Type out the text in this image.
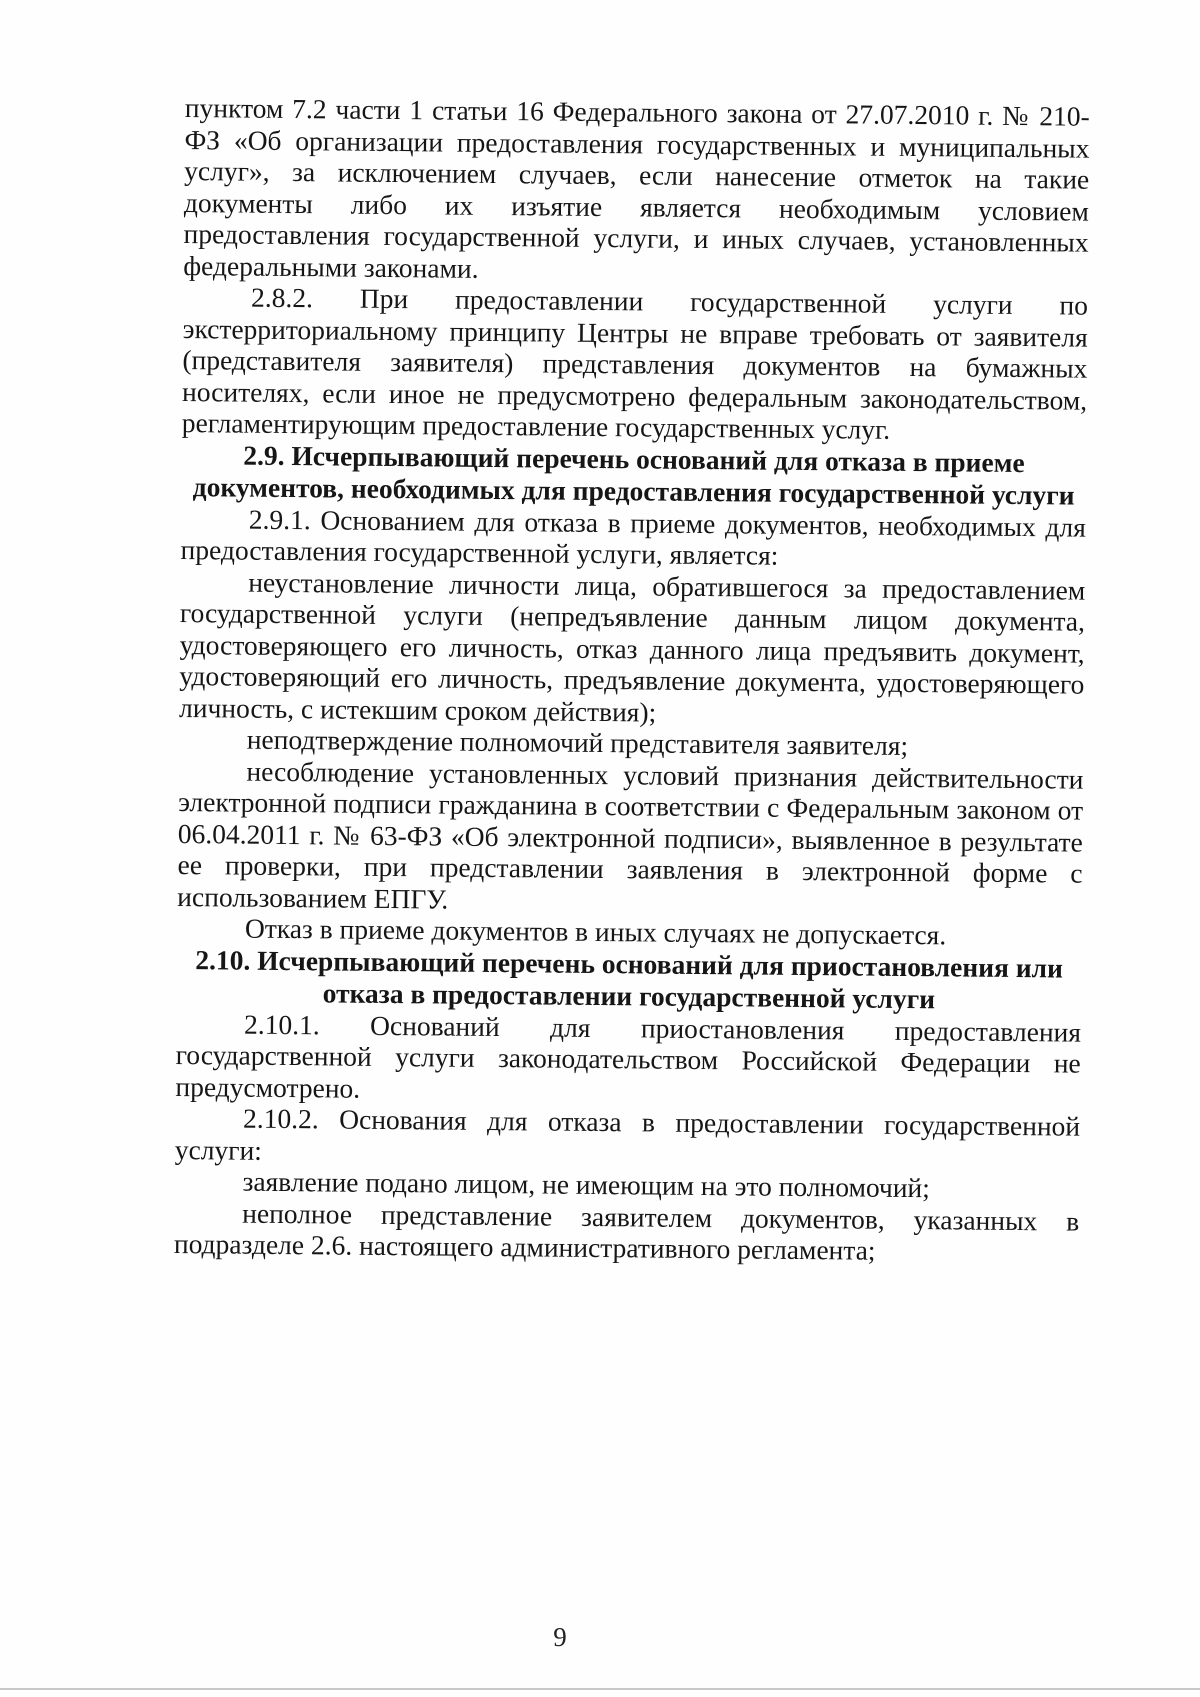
пунктом 7.2 части 1 статьи 16 Федерального закона от 27.07.2010 г. № 210-ФЗ «Об организации предоставления государственных и муниципальных услуг», за исключением случаев, если нанесение отметок на такие документы либо их изъятие является необходимым условием предоставления государственной услуги, и иных случаев, установленных федеральными законами.

2.8.2. При предоставлении государственной услуги по экстерриториальному принципу Центры не вправе требовать от заявителя (представителя заявителя) представления документов на бумажных носителях, если иное не предусмотрено федеральным законодательством, регламентирующим предоставление государственных услуг.

2.9. Исчерпывающий перечень оснований для отказа в приеме документов, необходимых для предоставления государственной услуги

2.9.1. Основанием для отказа в приеме документов, необходимых для предоставления государственной услуги, является:

неустановление личности лица, обратившегося за предоставлением государственной услуги (непредъявление данным лицом документа, удостоверяющего его личность, отказ данного лица предъявить документ, удостоверяющий его личность, предъявление документа, удостоверяющего личность, с истекшим сроком действия);

неподтверждение полномочий представителя заявителя;

несоблюдение установленных условий признания действительности электронной подписи гражданина в соответствии с Федеральным законом от 06.04.2011 г. № 63-ФЗ «Об электронной подписи», выявленное в результате ее проверки, при представлении заявления в электронной форме с использованием ЕПГУ.

Отказ в приеме документов в иных случаях не допускается.

2.10. Исчерпывающий перечень оснований для приостановления или отказа в предоставлении государственной услуги

2.10.1. Оснований для приостановления предоставления государственной услуги законодательством Российской Федерации не предусмотрено.

2.10.2. Основания для отказа в предоставлении государственной услуги:

заявление подано лицом, не имеющим на это полномочий;

неполное представление заявителем документов, указанных в подразделе 2.6. настоящего административного регламента;

9
